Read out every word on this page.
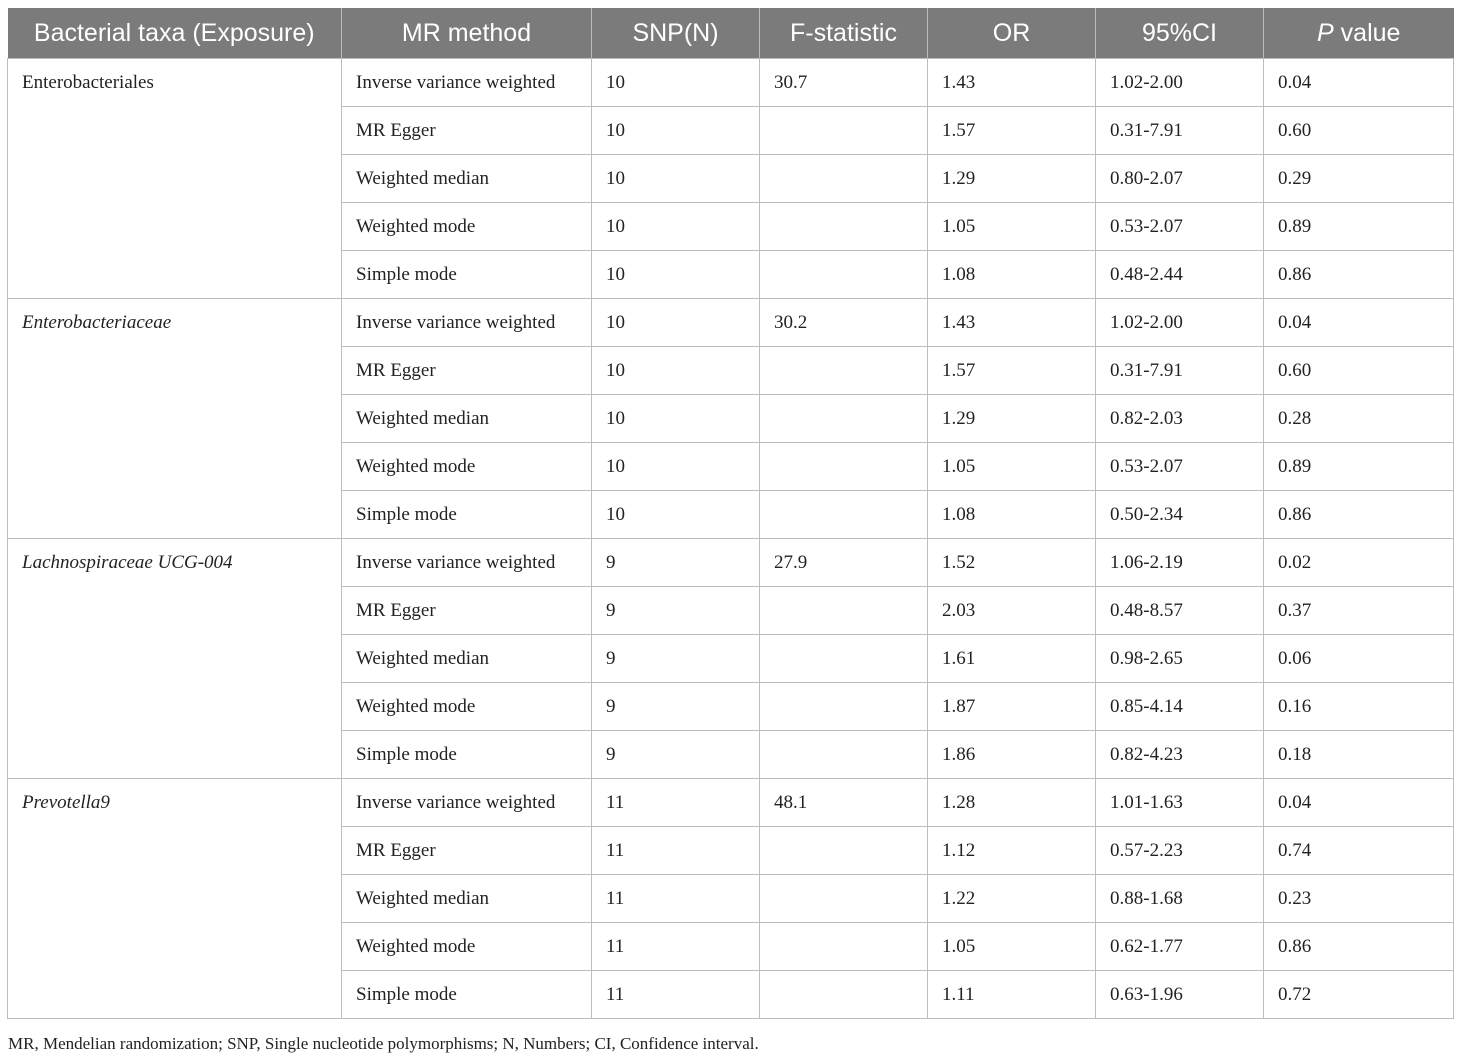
Bacterial taxa (Exposure)	MR method	SNP(N)	F-statistic	OR	95%CI	P value
Enterobacteriales	Inverse variance weighted	10	30.7	1.43	1.02-2.00	0.04
	MR Egger	10		1.57	0.31-7.91	0.60
	Weighted median	10		1.29	0.80-2.07	0.29
	Weighted mode	10		1.05	0.53-2.07	0.89
	Simple mode	10		1.08	0.48-2.44	0.86
Enterobacteriaceae	Inverse variance weighted	10	30.2	1.43	1.02-2.00	0.04
	MR Egger	10		1.57	0.31-7.91	0.60
	Weighted median	10		1.29	0.82-2.03	0.28
	Weighted mode	10		1.05	0.53-2.07	0.89
	Simple mode	10		1.08	0.50-2.34	0.86
Lachnospiraceae UCG-004	Inverse variance weighted	9	27.9	1.52	1.06-2.19	0.02
	MR Egger	9		2.03	0.48-8.57	0.37
	Weighted median	9		1.61	0.98-2.65	0.06
	Weighted mode	9		1.87	0.85-4.14	0.16
	Simple mode	9		1.86	0.82-4.23	0.18
Prevotella9	Inverse variance weighted	11	48.1	1.28	1.01-1.63	0.04
	MR Egger	11		1.12	0.57-2.23	0.74
	Weighted median	11		1.22	0.88-1.68	0.23
	Weighted mode	11		1.05	0.62-1.77	0.86
	Simple mode	11		1.11	0.63-1.96	0.72
MR, Mendelian randomization; SNP, Single nucleotide polymorphisms; N, Numbers; CI, Confidence interval.
